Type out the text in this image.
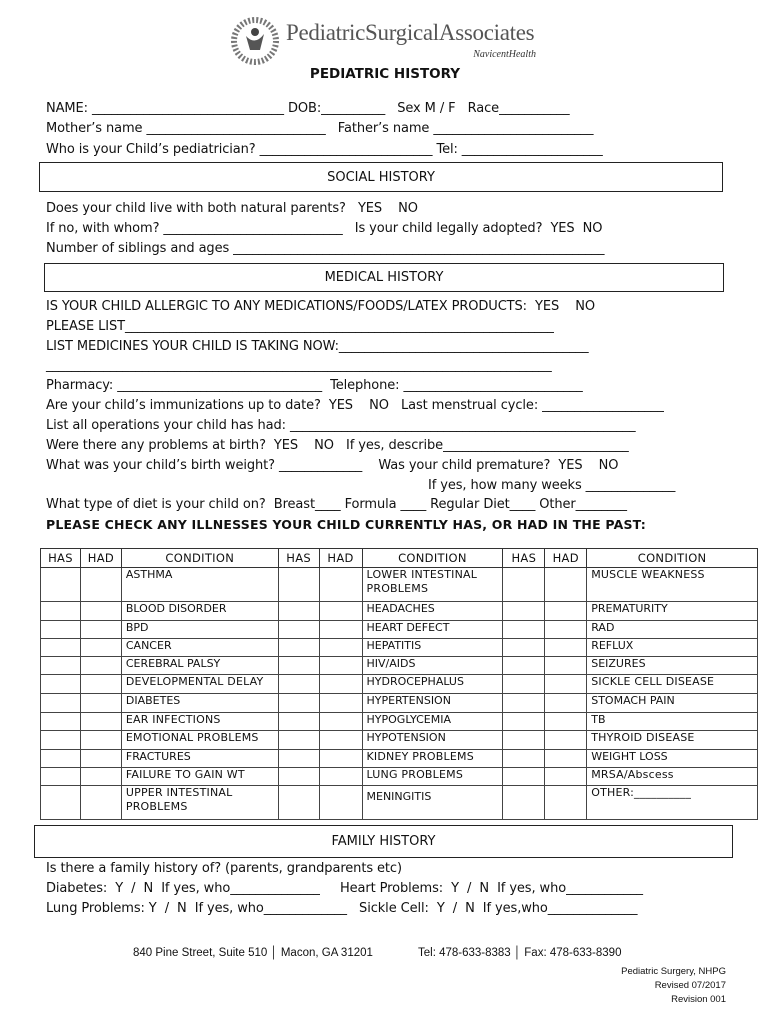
PediatricSurgicalAssociates
NavicentHealth
PEDIATRIC HISTORY
NAME: ______________________________ DOB:__________   Sex M / F   Race___________
Mother’s name ____________________________   Father’s name _________________________
Who is your Child’s pediatrician? ___________________________ Tel: ______________________
SOCIAL HISTORY
Does your child live with both natural parents?   YES    NO
If no, with whom? ____________________________   Is your child legally adopted?  YES  NO
Number of siblings and ages __________________________________________________________
MEDICAL HISTORY
IS YOUR CHILD ALLERGIC TO ANY MEDICATIONS/FOODS/LATEX PRODUCTS:  YES    NO
PLEASE LIST___________________________________________________________________
LIST MEDICINES YOUR CHILD IS TAKING NOW:_______________________________________
_______________________________________________________________________________
Pharmacy: ________________________________  Telephone: ____________________________
Are your child’s immunizations up to date?  YES    NO   Last menstrual cycle: ___________________
List all operations your child has had: ______________________________________________________
Were there any problems at birth?  YES    NO   If yes, describe_____________________________
What was your child’s birth weight? _____________    Was your child premature?  YES    NO
If yes, how many weeks ______________
What type of diet is your child on?  Breast____ Formula ____ Regular Diet____ Other________
PLEASE CHECK ANY ILLNESSES YOUR CHILD CURRENTLY HAS, OR HAD IN THE PAST:
HAS	HAD	CONDITION	HAS	HAD	CONDITION	HAS	HAD	CONDITION
		ASTHMA			LOWER INTESTINAL PROBLEMS			MUSCLE WEAKNESS
		BLOOD DISORDER			HEADACHES			PREMATURITY
		BPD			HEART DEFECT			RAD
		CANCER			HEPATITIS			REFLUX
		CEREBRAL PALSY			HIV/AIDS			SEIZURES
		DEVELOPMENTAL DELAY			HYDROCEPHALUS			SICKLE CELL DISEASE
		DIABETES			HYPERTENSION			STOMACH PAIN
		EAR INFECTIONS			HYPOGLYCEMIA			TB
		EMOTIONAL PROBLEMS			HYPOTENSION			THYROID DISEASE
		FRACTURES			KIDNEY PROBLEMS			WEIGHT LOSS
		FAILURE TO GAIN WT			LUNG PROBLEMS			MRSA/Abscess
		UPPER INTESTINAL PROBLEMS			MENINGITIS			OTHER:__________
FAMILY HISTORY
Is there a family history of? (parents, grandparents etc)
Diabetes:  Y  /  N  If yes, who______________     Heart Problems:  Y  /  N  If yes, who____________
Lung Problems: Y  /  N  If yes, who_____________   Sickle Cell:  Y  /  N  If yes,who______________
840 Pine Street, Suite 510 │ Macon, GA 31201	Tel: 478-633-8383 │ Fax: 478-633-8390
Pediatric Surgery, NHPG
Revised 07/2017
Revision 001
